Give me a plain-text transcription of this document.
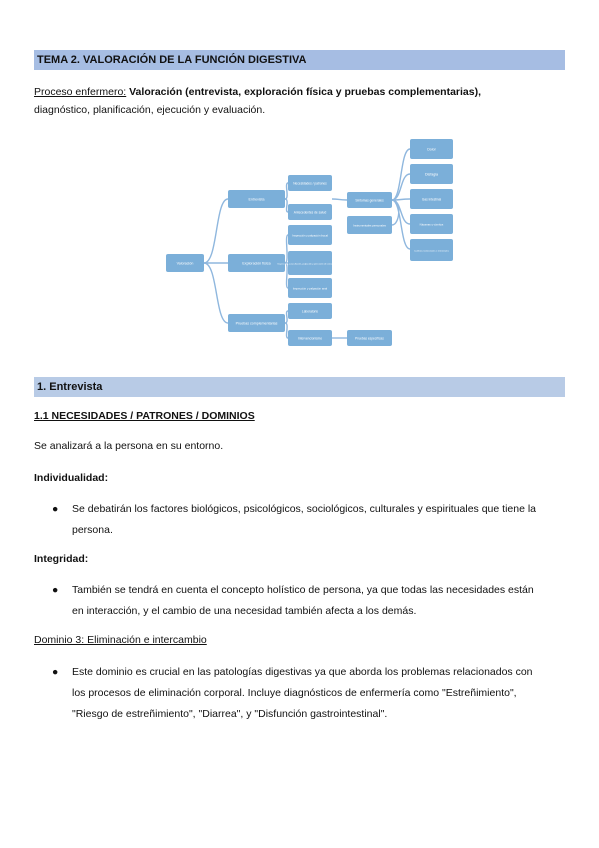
TEMA 2. VALORACIÓN DE LA FUNCIÓN DIGESTIVA
Proceso enfermero: Valoración (entrevista, exploración física y pruebas complementarias),
diagnóstico, planificación, ejecución y evaluación.
Valoración
Entrevista
Exploración física
Pruebas complementarias
Necesidades / patrones
Antecedentes de salud
Inspección y palpación bucal
Inspección, auscultación, palpación y percusión de zona abdominal
Inspección y palpación anal
Laboratorio
Intervencionismo
Síntomas generales
Instrumentales personales
Pruebas específicas
Dolor
Disfagia
Gas intestinal
Náuseas y vómitos
Cambios nutricionales e intestinales
1. Entrevista
1.1 NECESIDADES / PATRONES / DOMINIOS
Se analizará a la persona en su entorno.
Individualidad:
●	Se debatirán los factores biológicos, psicológicos, sociológicos, culturales y espirituales que tiene la
persona.
Integridad:
●	También se tendrá en cuenta el concepto holístico de persona, ya que todas las necesidades están
en interacción, y el cambio de una necesidad también afecta a los demás.
Dominio 3: Eliminación e intercambio
●	Este dominio es crucial en las patologías digestivas ya que aborda los problemas relacionados con
los procesos de eliminación corporal. Incluye diagnósticos de enfermería como "Estreñimiento",
"Riesgo de estreñimiento", "Diarrea", y "Disfunción gastrointestinal".
